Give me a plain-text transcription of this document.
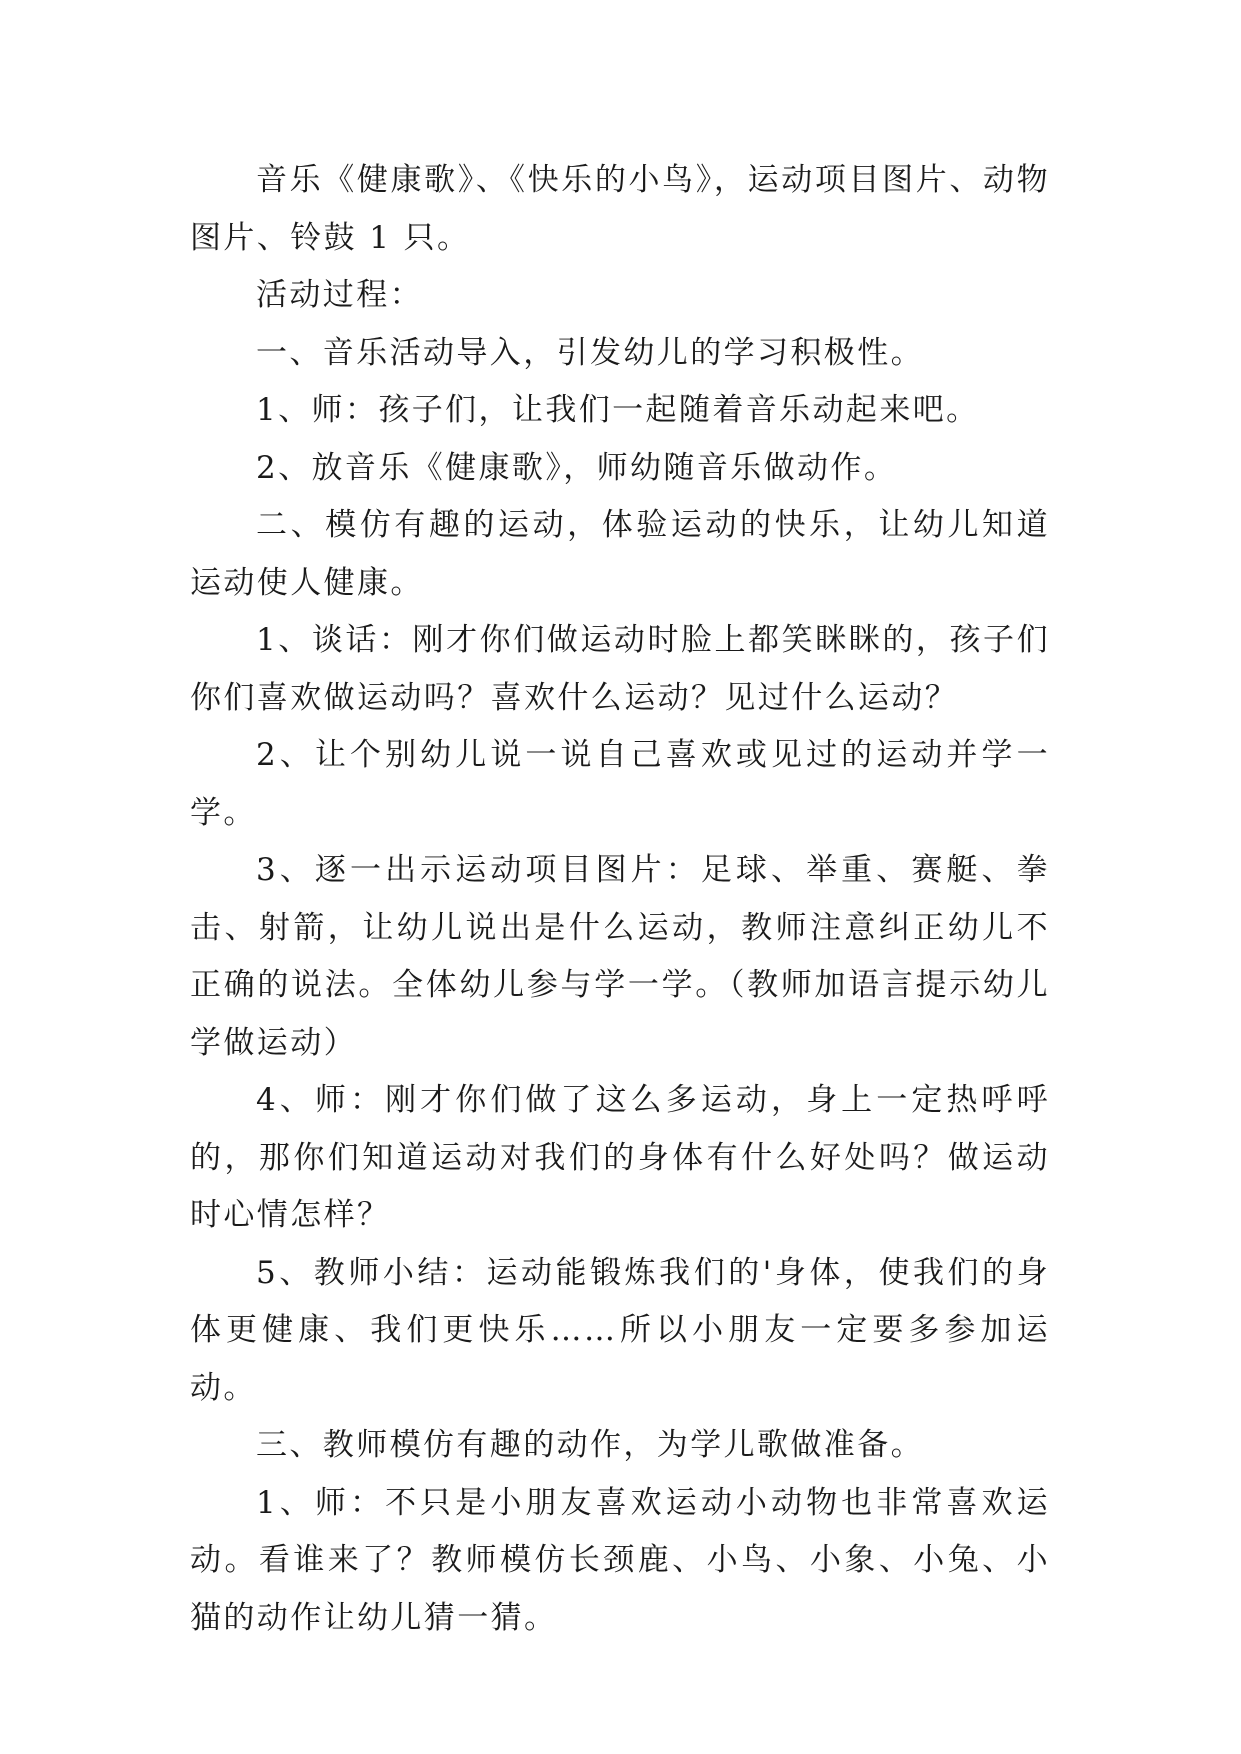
音乐《健康歌》、《快乐的小鸟》，运动项目图片、动物图片、铃鼓 1 只。

活动过程：

一、音乐活动导入，引发幼儿的学习积极性。

1、师：孩子们，让我们一起随着音乐动起来吧。

2、放音乐《健康歌》，师幼随音乐做动作。

二、模仿有趣的运动，体验运动的快乐，让幼儿知道运动使人健康。

1、谈话：刚才你们做运动时脸上都笑眯眯的，孩子们你们喜欢做运动吗？喜欢什么运动？见过什么运动？

2、让个别幼儿说一说自己喜欢或见过的运动并学一学。

3、逐一出示运动项目图片：足球、举重、赛艇、拳击、射箭，让幼儿说出是什么运动，教师注意纠正幼儿不正确的说法。全体幼儿参与学一学。（教师加语言提示幼儿学做运动）

4、师：刚才你们做了这么多运动，身上一定热呼呼的，那你们知道运动对我们的身体有什么好处吗？做运动时心情怎样？

5、教师小结：运动能锻炼我们的'身体，使我们的身体更健康、我们更快乐……所以小朋友一定要多参加运动。

三、教师模仿有趣的动作，为学儿歌做准备。

1、师：不只是小朋友喜欢运动小动物也非常喜欢运动。看谁来了？教师模仿长颈鹿、小鸟、小象、小兔、小猫的动作让幼儿猜一猜。
